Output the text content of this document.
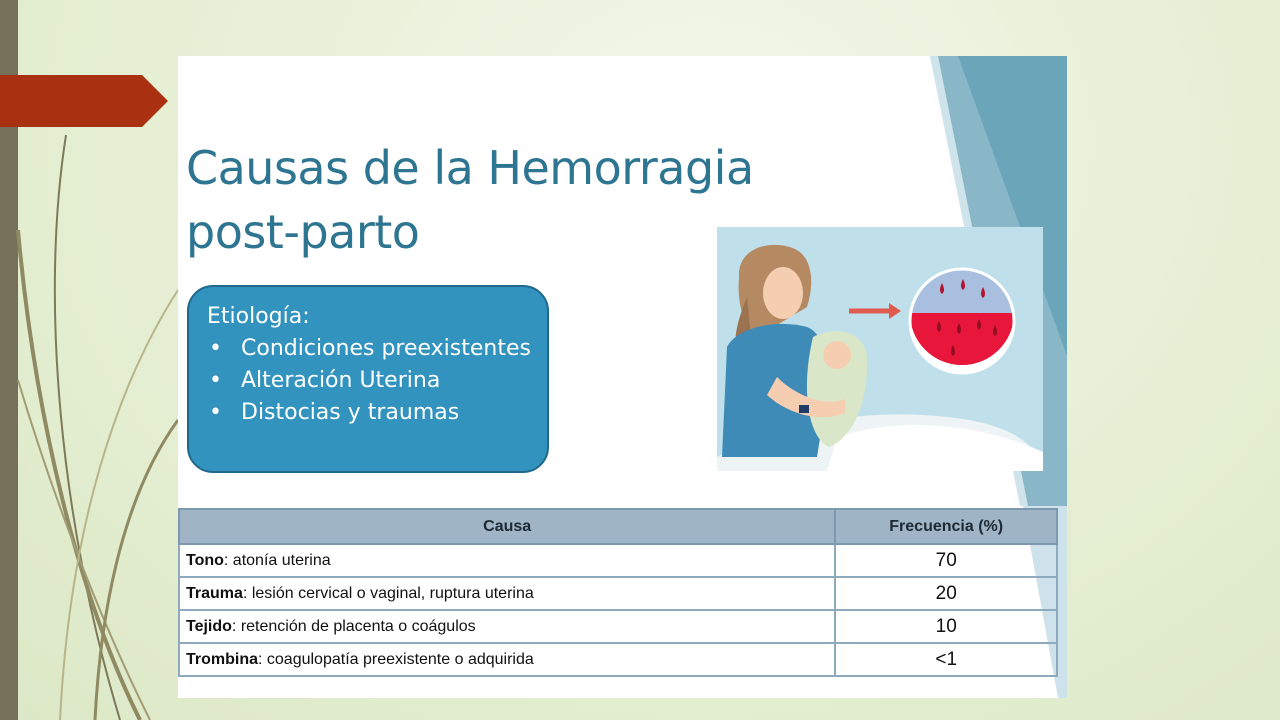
Causas de la Hemorragia
post-parto
Etiología:
• Condiciones preexistentes
• Alteración Uterina
• Distocias y traumas
Causa	Frecuencia (%)
Tono: atonía uterina	70
Trauma: lesión cervical o vaginal, ruptura uterina	20
Tejido: retención de placenta o coágulos	10
Trombina: coagulopatía preexistente o adquirida	<1
